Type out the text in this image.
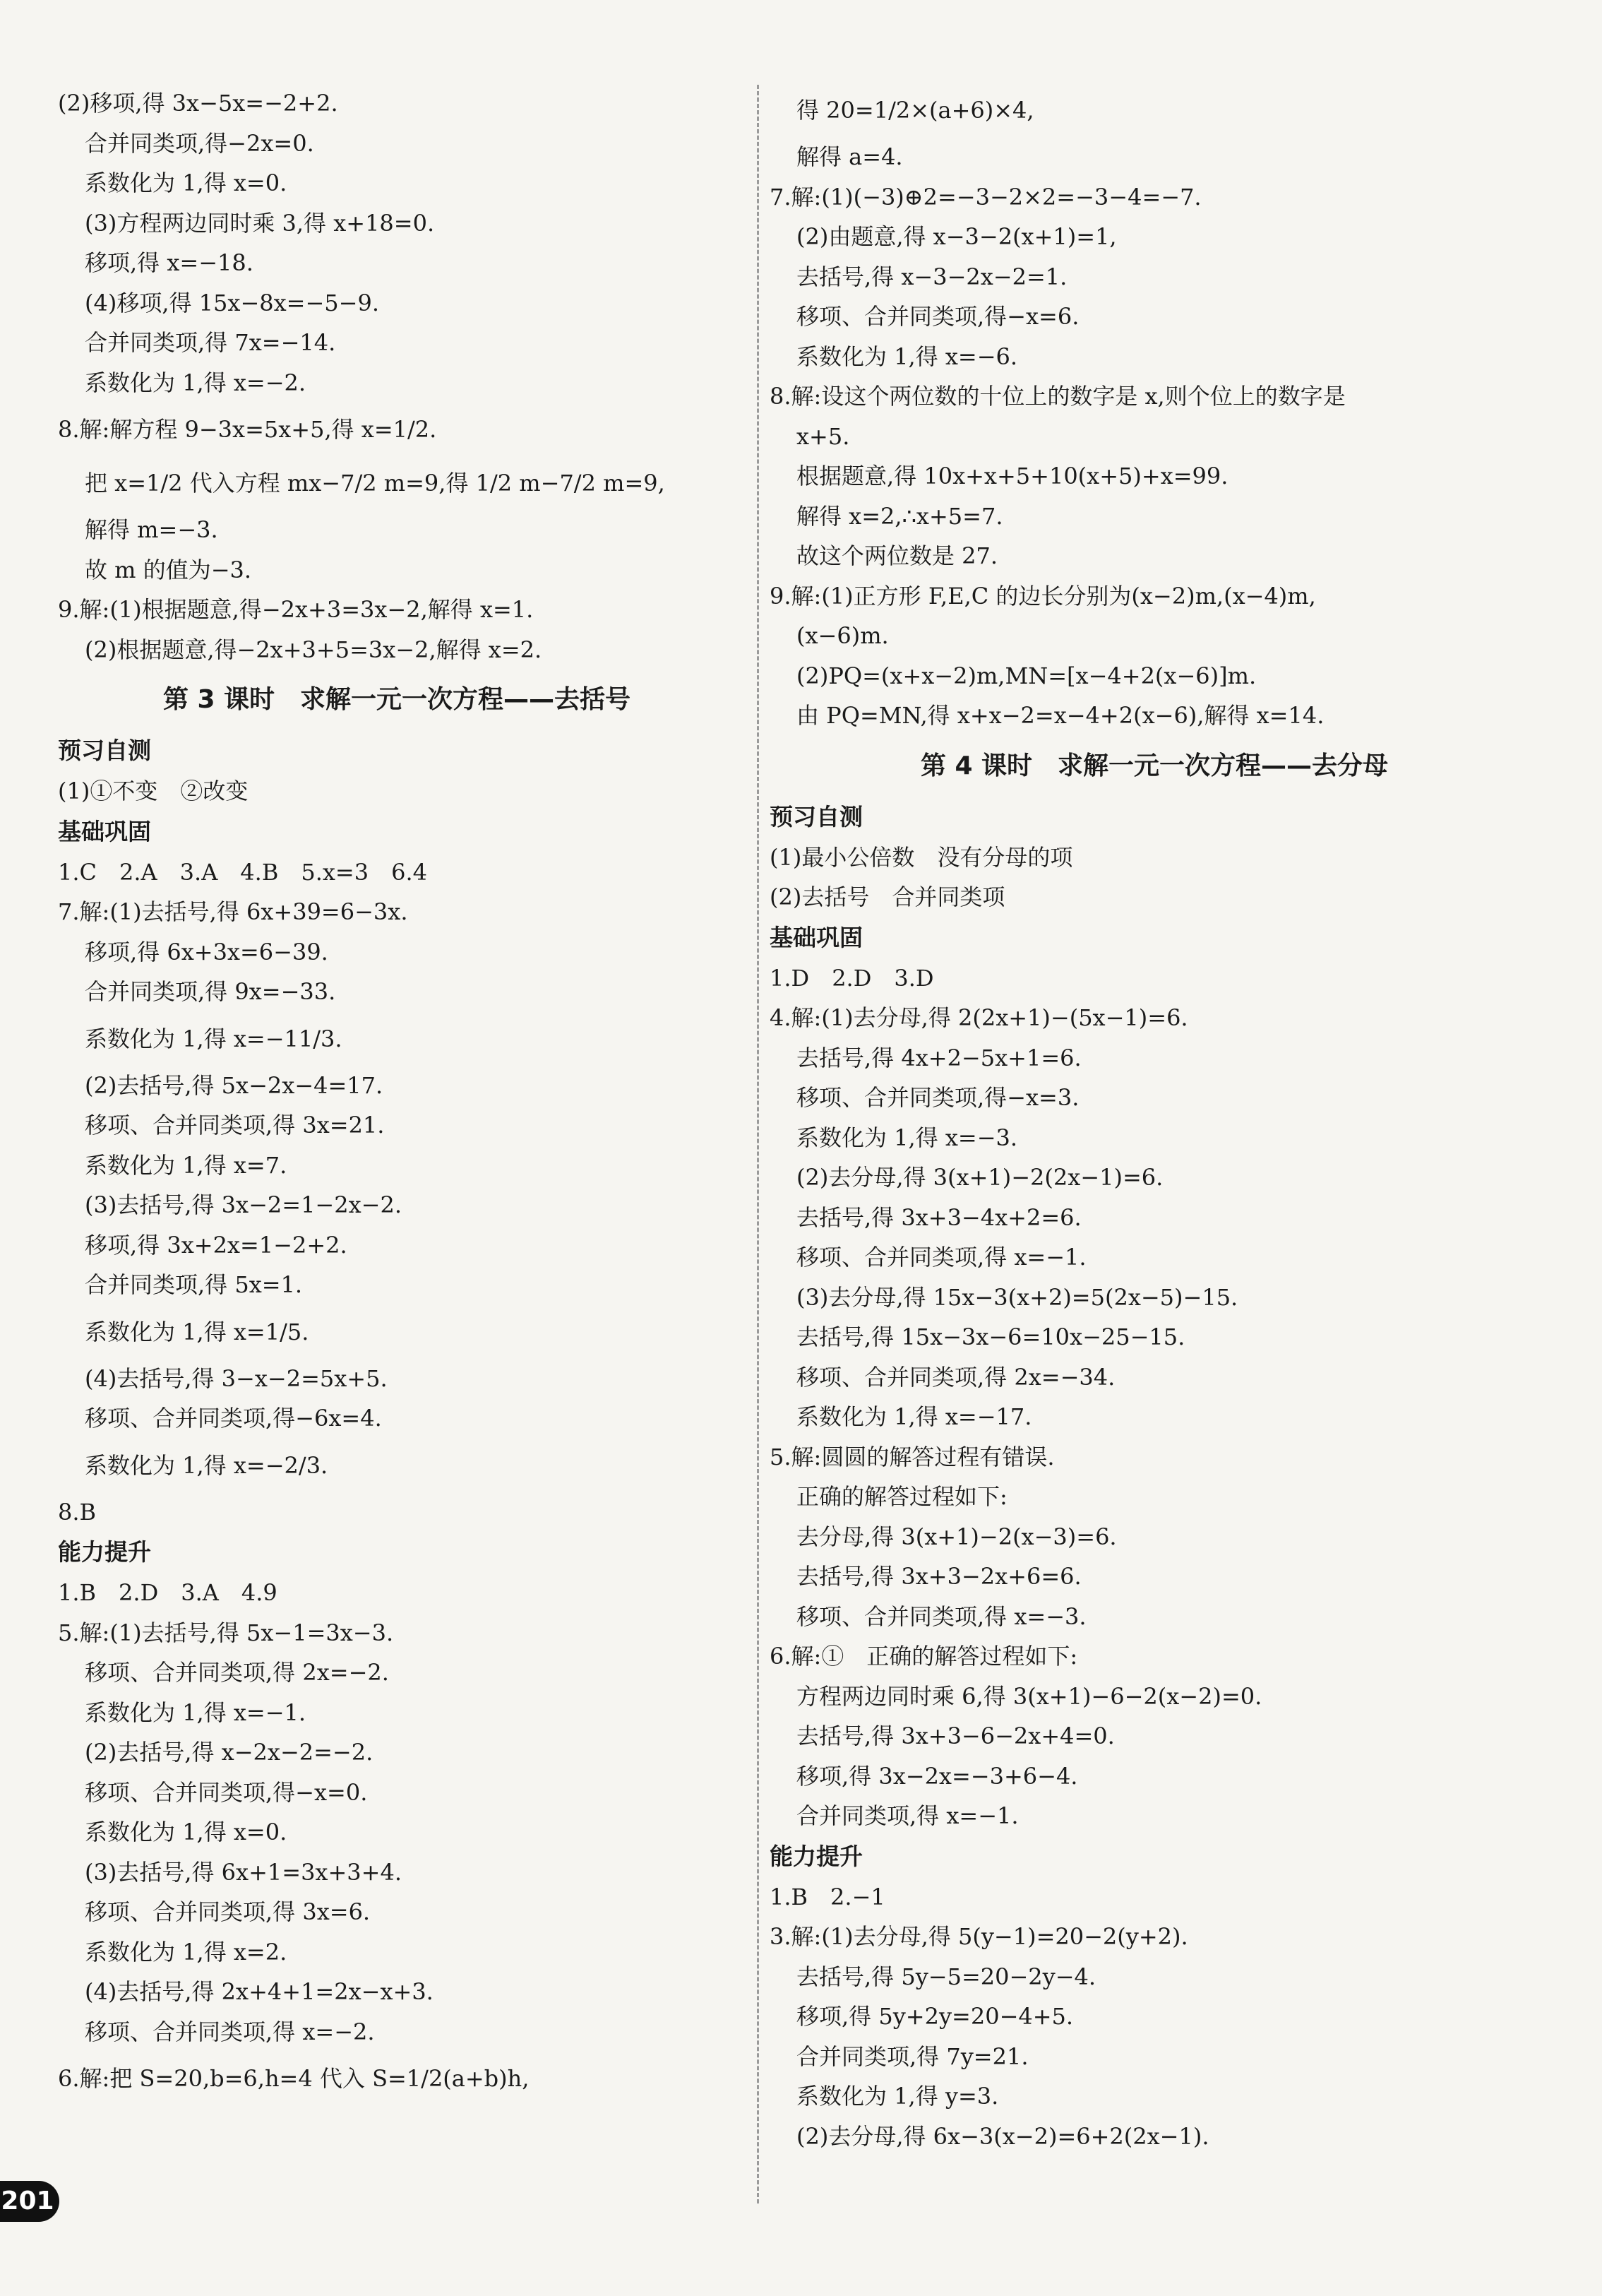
(2)移项,得 3x−5x=−2+2.
合并同类项,得−2x=0.
系数化为 1,得 x=0.
(3)方程两边同时乘 3,得 x+18=0.
移项,得 x=−18.
(4)移项,得 15x−8x=−5−9.
合并同类项,得 7x=−14.
系数化为 1,得 x=−2.
8.解:解方程 9−3x=5x+5,得 x=1/2.
把 x=1/2 代入方程 mx−7/2 m=9,得 1/2 m−7/2 m=9,
解得 m=−3.
故 m 的值为−3.
9.解:(1)根据题意,得−2x+3=3x−2,解得 x=1.
(2)根据题意,得−2x+3+5=3x−2,解得 x=2.
第 3 课时　求解一元一次方程——去括号
预习自测
(1)①不变　②改变
基础巩固
1.C　2.A　3.A　4.B　5.x=3　6.4
7.解:(1)去括号,得 6x+39=6−3x.
移项,得 6x+3x=6−39.
合并同类项,得 9x=−33.
系数化为 1,得 x=−11/3.
(2)去括号,得 5x−2x−4=17.
移项、合并同类项,得 3x=21.
系数化为 1,得 x=7.
(3)去括号,得 3x−2=1−2x−2.
移项,得 3x+2x=1−2+2.
合并同类项,得 5x=1.
系数化为 1,得 x=1/5.
(4)去括号,得 3−x−2=5x+5.
移项、合并同类项,得−6x=4.
系数化为 1,得 x=−2/3.
8.B
能力提升
1.B　2.D　3.A　4.9
5.解:(1)去括号,得 5x−1=3x−3.
移项、合并同类项,得 2x=−2.
系数化为 1,得 x=−1.
(2)去括号,得 x−2x−2=−2.
移项、合并同类项,得−x=0.
系数化为 1,得 x=0.
(3)去括号,得 6x+1=3x+3+4.
移项、合并同类项,得 3x=6.
系数化为 1,得 x=2.
(4)去括号,得 2x+4+1=2x−x+3.
移项、合并同类项,得 x=−2.
6.解:把 S=20,b=6,h=4 代入 S=1/2(a+b)h,
得 20=1/2×(a+6)×4,
解得 a=4.
7.解:(1)(−3)⊕2=−3−2×2=−3−4=−7.
(2)由题意,得 x−3−2(x+1)=1,
去括号,得 x−3−2x−2=1.
移项、合并同类项,得−x=6.
系数化为 1,得 x=−6.
8.解:设这个两位数的十位上的数字是 x,则个位上的数字是
x+5.
根据题意,得 10x+x+5+10(x+5)+x=99.
解得 x=2,∴x+5=7.
故这个两位数是 27.
9.解:(1)正方形 F,E,C 的边长分别为(x−2)m,(x−4)m,
(x−6)m.
(2)PQ=(x+x−2)m,MN=[x−4+2(x−6)]m.
由 PQ=MN,得 x+x−2=x−4+2(x−6),解得 x=14.
第 4 课时　求解一元一次方程——去分母
预习自测
(1)最小公倍数　没有分母的项
(2)去括号　合并同类项
基础巩固
1.D　2.D　3.D
4.解:(1)去分母,得 2(2x+1)−(5x−1)=6.
去括号,得 4x+2−5x+1=6.
移项、合并同类项,得−x=3.
系数化为 1,得 x=−3.
(2)去分母,得 3(x+1)−2(2x−1)=6.
去括号,得 3x+3−4x+2=6.
移项、合并同类项,得 x=−1.
(3)去分母,得 15x−3(x+2)=5(2x−5)−15.
去括号,得 15x−3x−6=10x−25−15.
移项、合并同类项,得 2x=−34.
系数化为 1,得 x=−17.
5.解:圆圆的解答过程有错误.
正确的解答过程如下:
去分母,得 3(x+1)−2(x−3)=6.
去括号,得 3x+3−2x+6=6.
移项、合并同类项,得 x=−3.
6.解:①　正确的解答过程如下:
方程两边同时乘 6,得 3(x+1)−6−2(x−2)=0.
去括号,得 3x+3−6−2x+4=0.
移项,得 3x−2x=−3+6−4.
合并同类项,得 x=−1.
能力提升
1.B　2.−1
3.解:(1)去分母,得 5(y−1)=20−2(y+2).
去括号,得 5y−5=20−2y−4.
移项,得 5y+2y=20−4+5.
合并同类项,得 7y=21.
系数化为 1,得 y=3.
(2)去分母,得 6x−3(x−2)=6+2(2x−1).
201
